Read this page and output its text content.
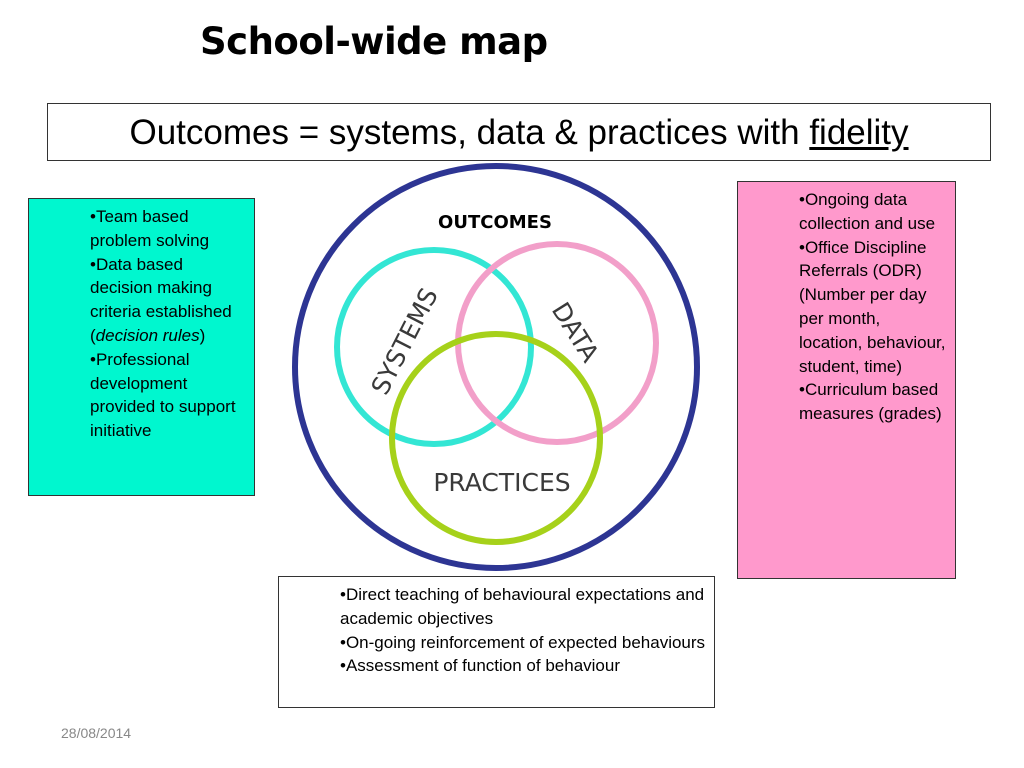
School-wide map
Outcomes = systems, data & practices with fidelity
OUTCOMES
SYSTEMS	DATA
PRACTICES
•Team based problem solving
•Data based decision making criteria established (decision rules)
•Professional development provided to support initiative
•Ongoing data collection and use
•Office Discipline Referrals (ODR) (Number per day per month, location, behaviour, student, time)
•Curriculum based measures (grades)
•Direct teaching of behavioural expectations and academic objectives
•On-going reinforcement of expected behaviours
•Assessment of function of behaviour
28/08/2014
